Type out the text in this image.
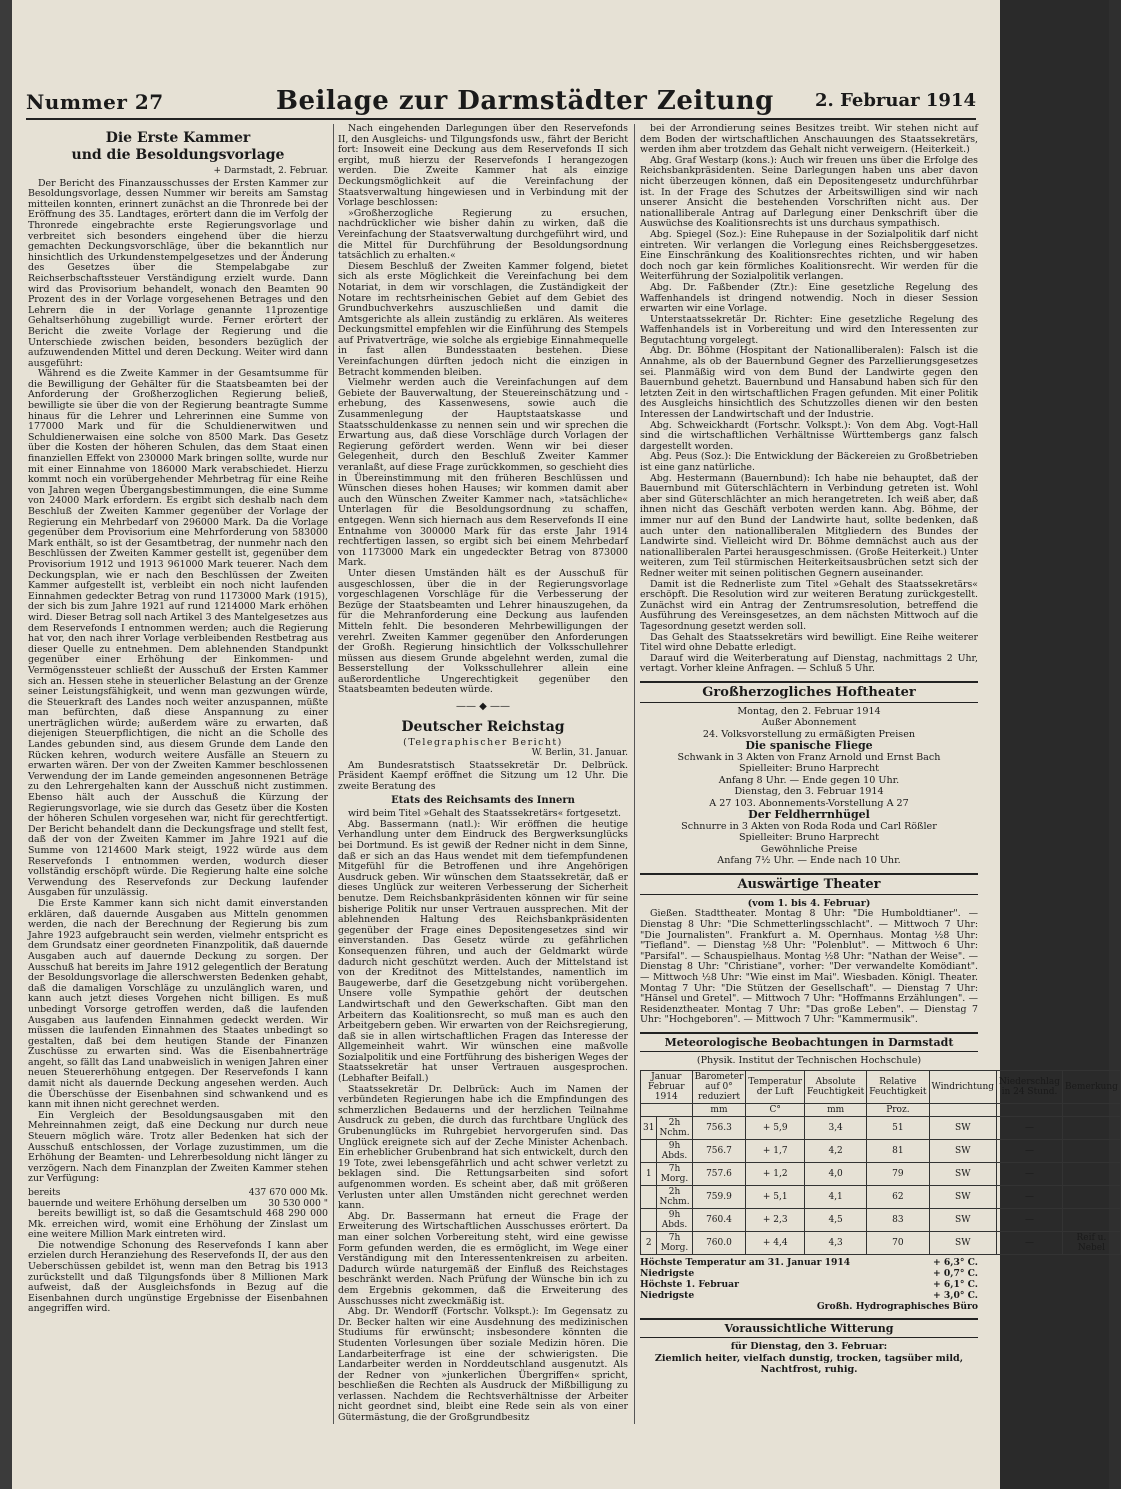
Nummer 27	Beilage zur Darmstädter Zeitung 2. Februar 1914
Die Erste Kammer
und die Besoldungsvorlage

+ Darmstadt, 2. Februar.

Der Bericht des Finanzausschusses der Ersten Kammer zur Besoldungsvorlage, dessen Nummer wir bereits am Samstag mitteilen konnten, erinnert zunächst an die Thronrede bei der Eröffnung des 35. Landtages, erörtert dann die im Verfolg der Thronrede eingebrachte erste Regierungsvorlage und verbreitet sich besonders eingehend über die hierzu gemachten Deckungsvorschläge, über die bekanntlich nur hinsichtlich des Urkundenstempelgesetzes und der Änderung des Gesetzes über die Stempelabgabe zur Reichserbschaftssteuer Verständigung erzielt wurde. Dann wird das Provisorium behandelt, wonach den Beamten 90 Prozent des in der Vorlage vorgesehenen Betrages und den Lehrern die in der Vorlage genannte 11prozentige Gehaltserhöhung zugebilligt wurde. Ferner erörtert der Bericht die zweite Vorlage der Regierung und die Unterschiede zwischen beiden, besonders bezüglich der aufzuwendenden Mittel und deren Deckung. Weiter wird dann ausgeführt:

Während es die Zweite Kammer in der Gesamtsumme für die Bewilligung der Gehälter für die Staatsbeamten bei der Anforderung der Großherzoglichen Regierung beließ, bewilligte sie über die von der Regierung beantragte Summe hinaus für die Lehrer und Lehrerinnen eine Summe von 177000 Mark und für die Schuldienerwitwen und Schuldienerwaisen eine solche von 8500 Mark. Das Gesetz über die Kosten der höheren Schulen, das dem Staat einen finanziellen Effekt von 230000 Mark bringen sollte, wurde nur mit einer Einnahme von 186000 Mark verabschiedet. Hierzu kommt noch ein vorübergehender Mehrbetrag für eine Reihe von Jahren wegen Übergangsbestimmungen, die eine Summe von 24000 Mark erfordern. Es ergibt sich deshalb nach dem Beschluß der Zweiten Kammer gegenüber der Vorlage der Regierung ein Mehrbedarf von 296000 Mark. Da die Vorlage gegenüber dem Provisorium eine Mehrforderung von 583000 Mark enthält, so ist der Gesamtbetrag, der nunmehr nach den Beschlüssen der Zweiten Kammer gestellt ist, gegenüber dem Provisorium 1912 und 1913 961000 Mark teuerer. Nach dem Deckungsplan, wie er nach den Beschlüssen der Zweiten Kammer aufgestellt ist, verbleibt ein noch nicht laufenden Einnahmen gedeckter Betrag von rund 1173000 Mark (1915), der sich bis zum Jahre 1921 auf rund 1214000 Mark erhöhen wird. Dieser Betrag soll nach Artikel 3 des Mantelgesetzes aus dem Reservefonds I entnommen werden; auch die Regierung hat vor, den nach ihrer Vorlage verbleibenden Restbetrag aus dieser Quelle zu entnehmen. Dem ablehnenden Standpunkt gegenüber einer Erhöhung der Einkommen- und Vermögenssteuer schließt der Ausschuß der Ersten Kammer sich an. Hessen stehe in steuerlicher Belastung an der Grenze seiner Leistungsfähigkeit, und wenn man gezwungen würde, die Steuerkraft des Landes noch weiter anzuspannen, müßte man befürchten, daß diese Anspannung zu einer unerträglichen würde; außerdem wäre zu erwarten, daß diejenigen Steuerpflichtigen, die nicht an die Scholle des Landes gebunden sind, aus diesem Grunde dem Lande den Rücken kehren, wodurch weitere Ausfälle an Steuern zu erwarten wären. Der von der Zweiten Kammer beschlossenen Verwendung der im Lande gemeinden angesonnenen Beträge zu den Lehrergehalten kann der Ausschuß nicht zustimmen. Ebenso hält auch der Ausschuß die Kürzung der Regierungsvorlage, wie sie durch das Gesetz über die Kosten der höheren Schulen vorgesehen war, nicht für gerechtfertigt. Der Bericht behandelt dann die Deckungsfrage und stellt fest, daß der von der Zweiten Kammer im Jahre 1921 auf die Summe von 1214600 Mark steigt, 1922 würde aus dem Reservefonds I entnommen werden, wodurch dieser vollständig erschöpft würde. Die Regierung halte eine solche Verwendung des Reservefonds zur Deckung laufender Ausgaben für unzulässig.

Die Erste Kammer kann sich nicht damit einverstanden erklären, daß dauernde Ausgaben aus Mitteln genommen werden, die nach der Berechnung der Regierung bis zum Jahre 1923 aufgebraucht sein werden, vielmehr entspricht es dem Grundsatz einer geordneten Finanzpolitik, daß dauernde Ausgaben auch auf dauernde Deckung zu sorgen. Der Ausschuß hat bereits im Jahre 1912 gelegentlich der Beratung der Besoldungsvorlage die allerschwersten Bedenken gehabt, daß die damaligen Vorschläge zu unzulänglich waren, und kann auch jetzt dieses Vorgehen nicht billigen. Es muß unbedingt Vorsorge getroffen werden, daß die laufenden Ausgaben aus laufenden Einnahmen gedeckt werden. Wir müssen die laufenden Einnahmen des Staates unbedingt so gestalten, daß bei dem heutigen Stande der Finanzen Zuschüsse zu erwarten sind. Was die Eisenbahnerträge angeht, so fällt das Land unabweislich in wenigen Jahren einer neuen Steuererhöhung entgegen. Der Reservefonds I kann damit nicht als dauernde Deckung angesehen werden. Auch die Überschüsse der Eisenbahnen sind schwankend und es kann mit ihnen nicht gerechnet werden.

Ein Vergleich der Besoldungsausgaben mit den Mehreinnahmen zeigt, daß eine Deckung nur durch neue Steuern möglich wäre. Trotz aller Bedenken hat sich der Ausschuß entschlossen, der Vorlage zuzustimmen, um die Erhöhung der Beamten- und Lehrerbesoldung nicht länger zu verzögern. Nach dem Finanzplan der Zweiten Kammer stehen zur Verfügung:

bereits	437 670 000 Mk.
bauernde und weitere Erhöhung derselben um 30 530 000 "

bereits bewilligt ist, so daß die Gesamtschuld 468 290 000 Mk. erreichen wird, womit eine Erhöhung der Zinslast um eine weitere Million Mark eintreten wird.

Die notwendige Schonung des Reservefonds I kann aber erzielen durch Heranziehung des Reservefonds II, der aus den Ueberschüssen gebildet ist, wenn man den Betrag bis 1913 zurückstellt und daß Tilgungsfonds über 8 Millionen Mark aufweist, daß der Ausgleichsfonds in Bezug auf die Eisenbahnen durch ungünstige Ergebnisse der Eisenbahnen angegriffen wird.

Nach eingehenden Darlegungen über den Reservefonds II, den Ausgleichs- und Tilgungsfonds usw., fährt der Bericht fort: Insoweit eine Deckung aus dem Reservefonds II sich ergibt, muß hierzu der Reservefonds I herangezogen werden. Die Zweite Kammer hat als einzige Deckungsmöglichkeit auf die Vereinfachung der Staatsverwaltung hingewiesen und in Verbindung mit der Vorlage beschlossen:

»Großherzogliche Regierung zu ersuchen, nachdrücklicher wie bisher dahin zu wirken, daß die Vereinfachung der Staatsverwaltung durchgeführt wird, und die Mittel für Durchführung der Besoldungsordnung tatsächlich zu erhalten.«

Diesem Beschluß der Zweiten Kammer folgend, bietet sich als erste Möglichkeit die Vereinfachung bei dem Notariat, in dem wir vorschlagen, die Zuständigkeit der Notare im rechtsrheinischen Gebiet auf dem Gebiet des Grundbuchverkehrs auszuschließen und damit die Amtsgerichte als allein zuständig zu erklären. Als weiteres Deckungsmittel empfehlen wir die Einführung des Stempels auf Privatverträge, wie solche als ergiebige Einnahmequelle in fast allen Bundesstaaten bestehen. Diese Vereinfachungen dürften jedoch nicht die einzigen in Betracht kommenden bleiben.

Vielmehr werden auch die Vereinfachungen auf dem Gebiete der Bauverwaltung, der Steuereinschätzung und -erhebung, des Kassenwesens, sowie auch die Zusammenlegung der Hauptstaatskasse und Staatsschuldenkasse zu nennen sein und wir sprechen die Erwartung aus, daß diese Vorschläge durch Vorlagen der Regierung gefördert werden. Wenn wir bei dieser Gelegenheit, durch den Beschluß Zweiter Kammer veranlaßt, auf diese Frage zurückkommen, so geschieht dies in Übereinstimmung mit den früheren Beschlüssen und Wünschen dieses hohen Hauses; wir kommen damit aber auch den Wünschen Zweiter Kammer nach, »tatsächliche« Unterlagen für die Besoldungsordnung zu schaffen, entgegen. Wenn sich hiernach aus dem Reservefonds II eine Entnahme von 300000 Mark für das erste Jahr 1914 rechtfertigen lassen, so ergibt sich bei einem Mehrbedarf von 1173000 Mark ein ungedeckter Betrag von 873000 Mark.

Unter diesen Umständen hält es der Ausschuß für ausgeschlossen, über die in der Regierungsvorlage vorgeschlagenen Vorschläge für die Verbesserung der Bezüge der Staatsbeamten und Lehrer hinauszugehen, da für die Mehranforderung eine Deckung aus laufenden Mitteln fehlt. Die besonderen Mehrbewilligungen der verehrl. Zweiten Kammer gegenüber den Anforderungen der Großh. Regierung hinsichtlich der Volksschullehrer müssen aus diesem Grunde abgelehnt werden, zumal die Besserstellung der Volksschullehrer allein eine außerordentliche Ungerechtigkeit gegenüber den Staatsbeamten bedeuten würde.

—— ◆ ——

Deutscher Reichstag

(Telegraphischer Bericht)

W. Berlin, 31. Januar.

Am Bundesratstisch Staatssekretär Dr. Delbrück. Präsident Kaempf eröffnet die Sitzung um 12 Uhr. Die zweite Beratung des

Etats des Reichsamts des Innern

wird beim Titel »Gehalt des Staatssekretärs« fortgesetzt.

Abg. Bassermann (natl.): Wir eröffnen die heutige Verhandlung unter dem Eindruck des Bergwerksunglücks bei Dortmund. Es ist gewiß der Redner nicht in dem Sinne, daß er sich an das Haus wendet mit dem tiefempfundenen Mitgefühl für die Betroffenen und ihre Angehörigen Ausdruck geben. Wir wünschen dem Staatssekretär, daß er dieses Unglück zur weiteren Verbesserung der Sicherheit benutze. Dem Reichsbankpräsidenten können wir für seine bisherige Politik nur unser Vertrauen aussprechen. Mit der ablehnenden Haltung des Reichsbankpräsidenten gegenüber der Frage eines Depositengesetzes sind wir einverstanden. Das Gesetz würde zu gefährlichen Konsequenzen führen, und auch der Geldmarkt würde dadurch nicht geschützt werden. Auch der Mittelstand ist von der Kreditnot des Mittelstandes, namentlich im Baugewerbe, darf die Gesetzgebung nicht vorübergehen. Unsere volle Sympathie gehört der deutschen Landwirtschaft und den Gewerkschaften. Gibt man den Arbeitern das Koalitionsrecht, so muß man es auch den Arbeitgebern geben. Wir erwarten von der Reichsregierung, daß sie in allen wirtschaftlichen Fragen das Interesse der Allgemeinheit wahrt. Wir wünschen eine maßvolle Sozialpolitik und eine Fortführung des bisherigen Weges der Staatssekretär hat unser Vertrauen ausgesprochen. (Lebhafter Beifall.)

Staatssekretär Dr. Delbrück: Auch im Namen der verbündeten Regierungen habe ich die Empfindungen des schmerzlichen Bedauerns und der herzlichen Teilnahme Ausdruck zu geben, die durch das furchtbare Unglück des Grubenunglücks im Ruhrgebiet hervorgerufen sind. Das Unglück ereignete sich auf der Zeche Minister Achenbach. Ein erheblicher Grubenbrand hat sich entwickelt, durch den 19 Tote, zwei lebensgefährlich und acht schwer verletzt zu beklagen sind. Die Rettungsarbeiten sind sofort aufgenommen worden. Es scheint aber, daß mit größeren Verlusten unter allen Umständen nicht gerechnet werden kann.

Abg. Dr. Bassermann hat erneut die Frage der Erweiterung des Wirtschaftlichen Ausschusses erörtert. Da man einer solchen Vorbereitung steht, wird eine gewisse Form gefunden werden, die es ermöglicht, im Wege einer Verständigung mit den Interessentenkreisen zu arbeiten. Dadurch würde naturgemäß der Einfluß des Reichstages beschränkt werden. Nach Prüfung der Wünsche bin ich zu dem Ergebnis gekommen, daß die Erweiterung des Ausschusses nicht zweckmäßig ist.

Abg. Dr. Wendorff (Fortschr. Volkspt.): Im Gegensatz zu Dr. Becker halten wir eine Ausdehnung des medizinischen Studiums für erwünscht; insbesondere könnten die Studenten Vorlesungen über soziale Medizin hören. Die Landarbeiterfrage ist eine der schwierigsten. Die Landarbeiter werden in Norddeutschland ausgenutzt. Als der Redner von »junkerlichen Übergriffen« spricht, beschließen die Rechten als Ausdruck der Mißbilligung zu verlassen. Nachdem die Rechtsverhältnisse der Arbeiter nicht geordnet sind, bleibt eine Rede sein als von einer Gütermästung, die der Großgrundbesitz

bei der Arrondierung seines Besitzes treibt. Wir stehen nicht auf dem Boden der wirtschaftlichen Anschauungen des Staatssekretärs, werden ihm aber trotzdem das Gehalt nicht verweigern. (Heiterkeit.)

Abg. Graf Westarp (kons.): Auch wir freuen uns über die Erfolge des Reichsbankpräsidenten. Seine Darlegungen haben uns aber davon nicht überzeugen können, daß ein Depositengesetz undurchführbar ist. In der Frage des Schutzes der Arbeitswilligen sind wir nach unserer Ansicht die bestehenden Vorschriften nicht aus. Der nationalliberale Antrag auf Darlegung einer Denkschrift über die Auswüchse des Koalitionsrechts ist uns durchaus sympathisch.

Abg. Spiegel (Soz.): Eine Ruhepause in der Sozialpolitik darf nicht eintreten. Wir verlangen die Vorlegung eines Reichsberggesetzes. Eine Einschränkung des Koalitionsrechtes richten, und wir haben doch noch gar kein förmliches Koalitionsrecht. Wir werden für die Weiterführung der Sozialpolitik verlangen.

Abg. Dr. Faßbender (Ztr.): Eine gesetzliche Regelung des Waffenhandels ist dringend notwendig. Noch in dieser Session erwarten wir eine Vorlage.

Unterstaatssekretär Dr. Richter: Eine gesetzliche Regelung des Waffenhandels ist in Vorbereitung und wird den Interessenten zur Begutachtung vorgelegt.

Abg. Dr. Böhme (Hospitant der Nationalliberalen): Falsch ist die Annahme, als ob der Bauernbund Gegner des Parzellierungsgesetzes sei. Planmäßig wird von dem Bund der Landwirte gegen den Bauernbund gehetzt. Bauernbund und Hansabund haben sich für den letzten Zeit in den wirtschaftlichen Fragen gefunden. Mit einer Politik des Ausgleichs hinsichtlich des Schutzzolles dienen wir den besten Interessen der Landwirtschaft und der Industrie.

Abg. Schweickhardt (Fortschr. Volkspt.): Von dem Abg. Vogt-Hall sind die wirtschaftlichen Verhältnisse Württembergs ganz falsch dargestellt worden.

Abg. Peus (Soz.): Die Entwicklung der Bäckereien zu Großbetrieben ist eine ganz natürliche.

Abg. Hestermann (Bauernbund): Ich habe nie behauptet, daß der Bauernbund mit Güterschlächtern in Verbindung getreten ist. Wohl aber sind Güterschlächter an mich herangetreten. Ich weiß aber, daß ihnen nicht das Geschäft verboten werden kann. Abg. Böhme, der immer nur auf den Bund der Landwirte haut, sollte bedenken, daß auch unter den nationalliberalen Mitgliedern des Bundes der Landwirte sind. Vielleicht wird Dr. Böhme demnächst auch aus der nationalliberalen Partei herausgeschmissen. (Große Heiterkeit.) Unter weiteren, zum Teil stürmischen Heiterkeitsausbrüchen setzt sich der Redner weiter mit seinen politischen Gegnern auseinander.

Damit ist die Rednerliste zum Titel »Gehalt des Staatssekretärs« erschöpft. Die Resolution wird zur weiteren Beratung zurückgestellt. Zunächst wird ein Antrag der Zentrumsresolution, betreffend die Ausführung des Vereinsgesetzes, an dem nächsten Mittwoch auf die Tagesordnung gesetzt werden soll.

Das Gehalt des Staatssekretärs wird bewilligt. Eine Reihe weiterer Titel wird ohne Debatte erledigt.

Darauf wird die Weiterberatung auf Dienstag, nachmittags 2 Uhr, vertagt. Vorher kleine Anfragen. — Schluß 5 Uhr.

Großherzogliches Hoftheater

Montag, den 2. Februar 1914

Außer Abonnement

24. Volksvorstellung zu ermäßigten Preisen

Die spanische Fliege

Schwank in 3 Akten von Franz Arnold und Ernst Bach

Spielleiter: Bruno Harprecht

Anfang 8 Uhr. — Ende gegen 10 Uhr.

Dienstag, den 3. Februar 1914

A 27 103. Abonnements-Vorstellung A 27

Der Feldherrnhügel

Schnurre in 3 Akten von Roda Roda und Carl Rößler

Spielleiter: Bruno Harprecht

Gewöhnliche Preise

Anfang 7½ Uhr. — Ende nach 10 Uhr.

Auswärtige Theater

(vom 1. bis 4. Februar)

Gießen. Stadttheater. Montag 8 Uhr: "Die Humboldtianer". — Dienstag 8 Uhr: "Die Schmetterlingsschlacht". — Mittwoch 7 Uhr: "Die Journalisten". Frankfurt a. M. Opernhaus. Montag ½8 Uhr: "Tiefland". — Dienstag ½8 Uhr: "Polenblut". — Mittwoch 6 Uhr: "Parsifal". — Schauspielhaus. Montag ½8 Uhr: "Nathan der Weise". — Dienstag 8 Uhr: "Christiane", vorher: "Der verwandelte Komödiant". — Mittwoch ½8 Uhr: "Wie einst im Mai". Wiesbaden. Königl. Theater. Montag 7 Uhr: "Die Stützen der Gesellschaft". — Dienstag 7 Uhr: "Hänsel und Gretel". — Mittwoch 7 Uhr: "Hoffmanns Erzählungen". — Residenztheater. Montag 7 Uhr: "Das große Leben". — Dienstag 7 Uhr: "Hochgeboren". — Mittwoch 7 Uhr: "Kammermusik".

Meteorologische Beobachtungen in Darmstadt

(Physik. Institut der Technischen Hochschule)

Januar Februar 1914		Barometer auf 0° reduziert	Temperatur der Luft	Absolute Feuchtigkeit	Relative Feuchtigkeit	Windrichtung	Niederschlag in 24 Stund.	Bemerkung
		mm	C°	mm	Proz.			
31	2h Nchm.	756.3	+ 5,9	3,4	51	SW	—	
	9h Abds.	756.7	+ 1,7	4,2	81	SW	—	
1	7h Morg.	757.6	+ 1,2	4,0	79	SW	—	
	2h Nchm.	759.9	+ 5,1	4,1	62	SW	—	
	9h Abds.	760.4	+ 2,3	4,5	83	SW	—	
2	7h Morg.	760.0	+ 4,4	4,3	70	SW	—	Reif u. Nebel
Höchste Temperatur am 31. Januar 1914	+ 6,3° C.
Niedrigste	+ 0,7° C.
Höchste 1. Februar	+ 6,1° C.
Niedrigste	+ 3,0° C.
Großh. Hydrographisches Büro
Voraussichtliche Witterung

für Dienstag, den 3. Februar:

Ziemlich heiter, vielfach dunstig, trocken, tagsüber mild, Nachtfrost, ruhig.
